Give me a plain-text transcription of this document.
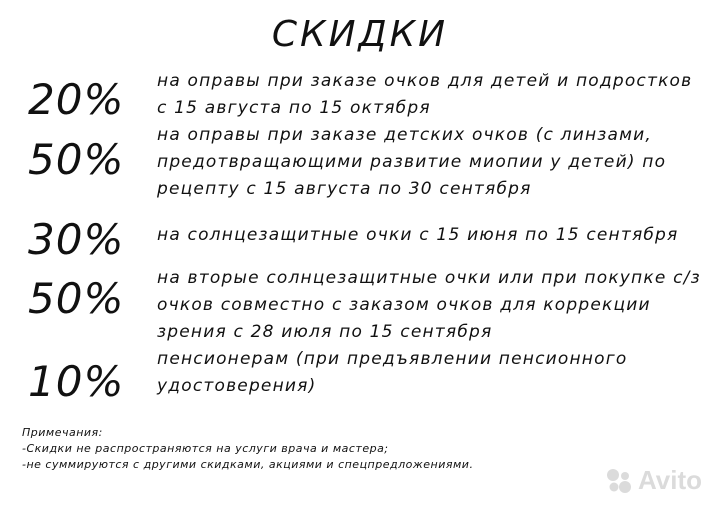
СКИДКИ
20%	на оправы при заказе очков для детей и подростков
с 15 августа по 15 октября
50%	на оправы при заказе детских очков (с линзами,
предотвращающими развитие миопии у детей) по
рецепту с 15 августа по 30 сентября
30%	на солнцезащитные очки с 15 июня по 15 сентября
50%	на вторые солнцезащитные очки или при покупке с/з
очков совместно с заказом очков для коррекции
зрения с 28 июля по 15 сентября
10%	пенсионерам (при предъявлении пенсионного
удостоверения)
Примечания:
-Скидки не распространяются на услуги врача и мастера;
-не суммируются с другими скидками, акциями и спецпредложениями.
Avito
